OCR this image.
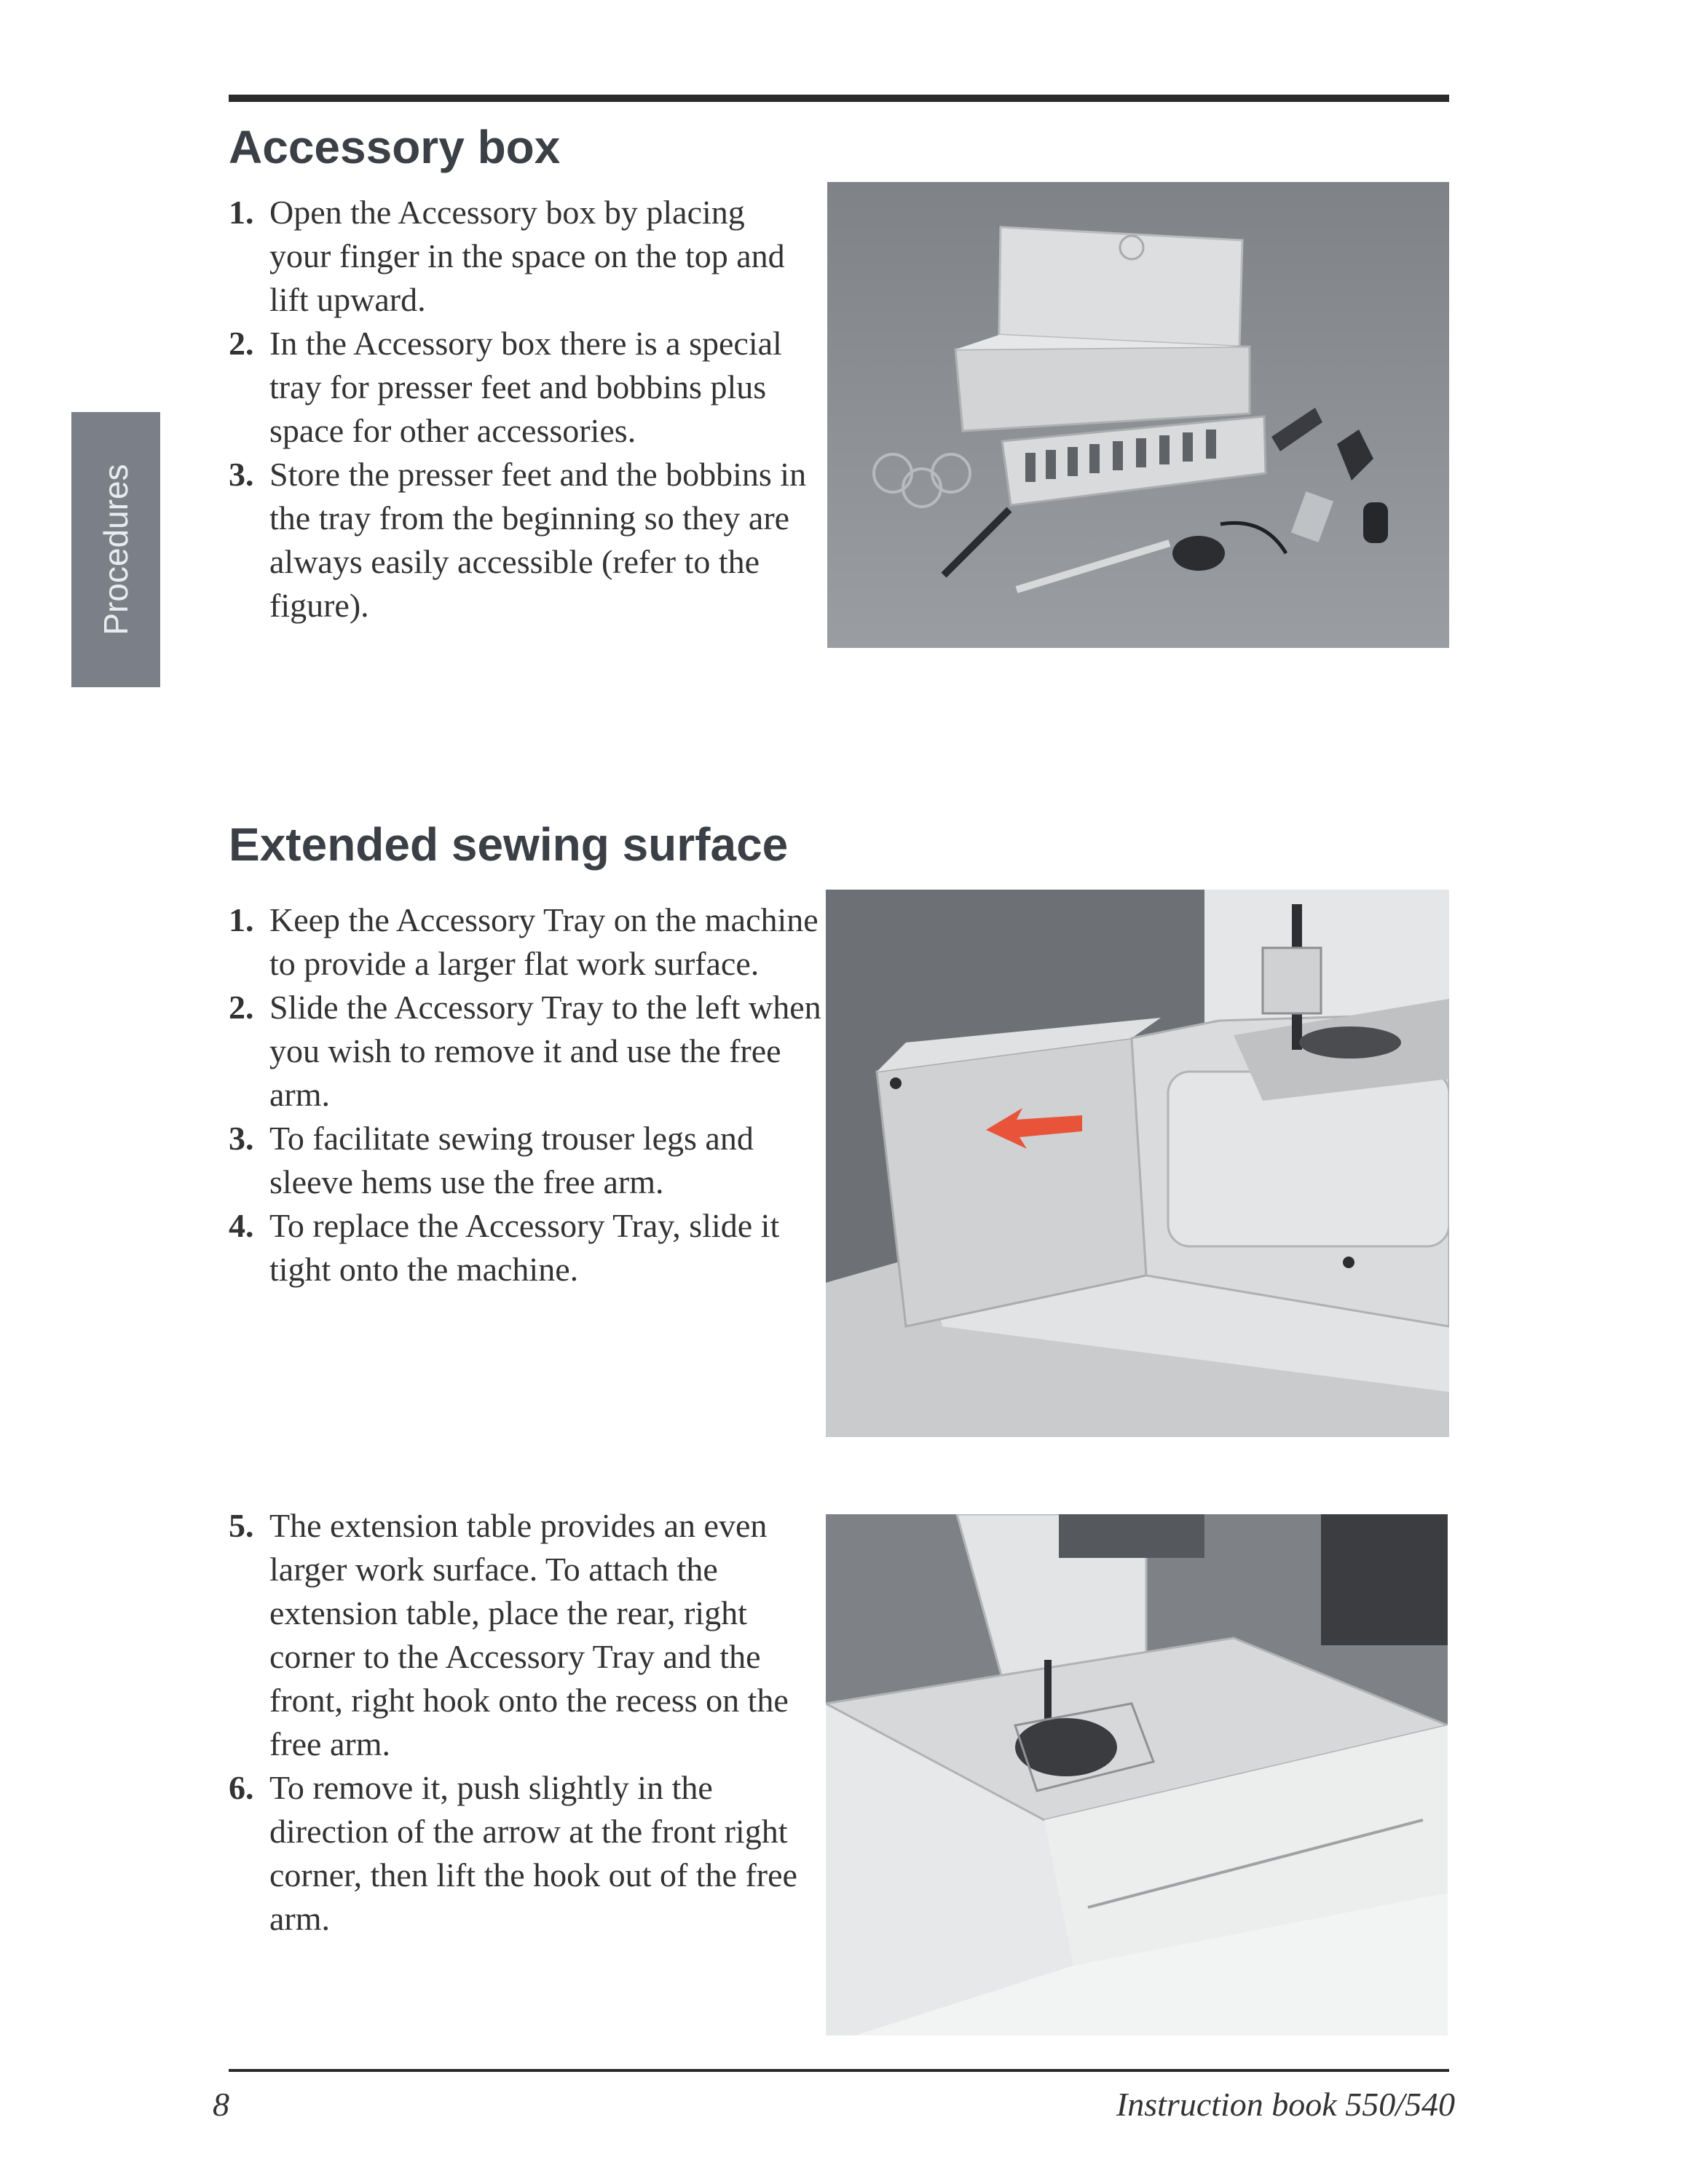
Procedures
Accessory box
1. Open the Accessory box by placing your finger in the space on the top and lift upward.
2. In the Accessory box there is a special tray for presser feet and bobbins plus space for other accessories.
3. Store the presser feet and the bobbins in the tray from the beginning so they are always easily accessible (refer to the figure).
Extended sewing surface
1. Keep the Accessory Tray on the machine to provide a larger flat work surface.
2. Slide the Accessory Tray to the left when you wish to remove it and use the free arm.
3. To facilitate sewing trouser legs and sleeve hems use the free arm.
4. To replace the Accessory Tray, slide it tight onto the machine.
5. The extension table provides an even larger work surface. To attach the extension table, place the rear, right corner to the Accessory Tray and the front, right hook onto the recess on the free arm.
6. To remove it, push slightly in the direction of the arrow at the front right corner, then lift the hook out of the free arm.
8	Instruction book 550/540
